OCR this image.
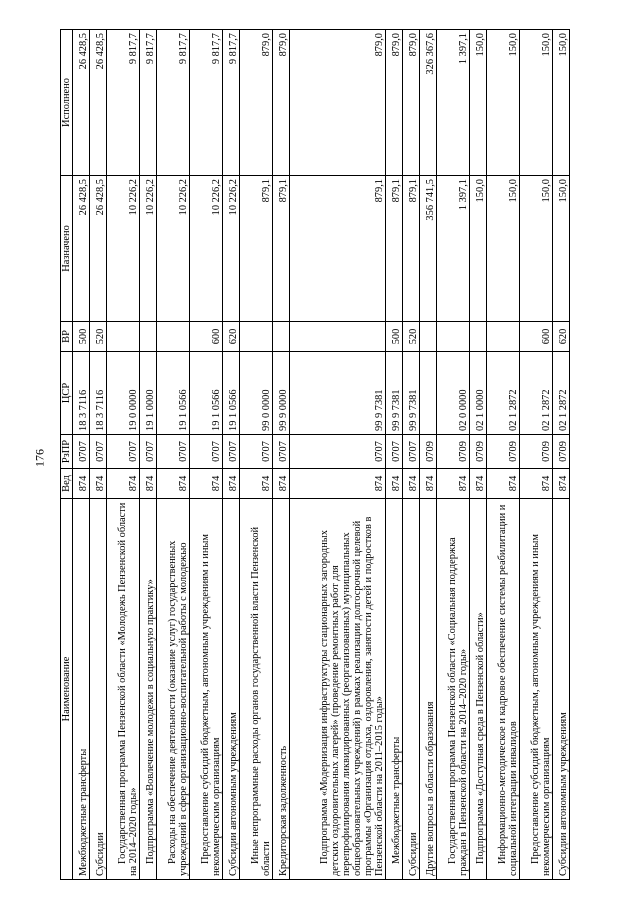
176
Наименование	Вед	РзПР	ЦСР	ВР	Назначено	Исполнено
Межбюджетные трансферты	874	0707	18 3 7116	500	26 428,5	26 428,5
Субсидии	874	0707	18 3 7116	520	26 428,5	26 428,5
Государственная программа Пензенской области «Молодежь Пензенской области на 2014–2020 годы»	874	0707	19 0 0000		10 226,2	9 817,7
Подпрограмма «Вовлечение молодежи в социальную практику»	874	0707	19 1 0000		10 226,2	9 817,7
Расходы на обеспечение деятельности (оказание услуг) государственных учреждений в сфере организационно-воспитательной работы с молодежью	874	0707	19 1 0566		10 226,2	9 817,7
Предоставление субсидий бюджетным, автономным учреждениям и иным некоммерческим организациям	874	0707	19 1 0566	600	10 226,2	9 817,7
Субсидии автономным учреждениям	874	0707	19 1 0566	620	10 226,2	9 817,7
Иные непрограммные расходы органов государственной власти Пензенской области	874	0707	99 0 0000		879,1	879,0
Кредиторская задолженность	874	0707	99 9 0000		879,1	879,0
Подпрограмма «Модернизация инфраструктуры стационарных загородных детских оздоровительных лагерей» (проведение ремонтных работ для перепрофилирования ликвидированных (реорганизованных) муниципальных общеобразовательных учреждений) в рамках реализации долгосрочной целевой программы «Организация отдыха, оздоровления, занятости детей и подростков в Пензенской области на 2011–2015 годы»	874	0707	99 9 7381		879,1	879,0
Межбюджетные трансферты	874	0707	99 9 7381	500	879,1	879,0
Субсидии	874	0707	99 9 7381	520	879,1	879,0
Другие вопросы в области образования	874	0709			356 741,5	326 367,6
Государственная программа Пензенской области «Социальная поддержка граждан в Пензенской области на 2014–2020 годы»	874	0709	02 0 0000		1 397,1	1 397,1
Подпрограмма «Доступная среда в Пензенской области»	874	0709	02 1 0000		150,0	150,0
Информационно-методическое и кадровое обеспечение системы реабилитации и социальной интеграции инвалидов	874	0709	02 1 2872		150,0	150,0
Предоставление субсидий бюджетным, автономным учреждениям и иным некоммерческим организациям	874	0709	02 1 2872	600	150,0	150,0
Субсидии автономным учреждениям	874	0709	02 1 2872	620	150,0	150,0
